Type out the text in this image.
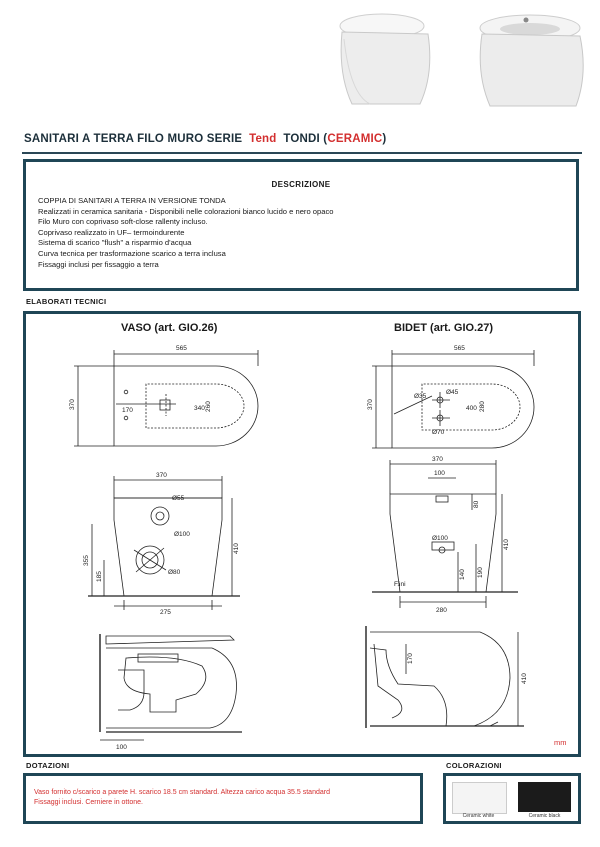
SANITARI A TERRA FILO MURO SERIE Tend TONDI (CERAMIC)
DESCRIZIONE
COPPIA DI SANITARI A TERRA IN VERSIONE TONDA
Realizzati in ceramica sanitaria - Disponibili nelle colorazioni bianco lucido e nero opaco
Filo Muro con coprivaso soft-close rallenty incluso.
Coprivaso realizzato in UF– termoindurente
Sistema di scarico "flush" a risparmio d'acqua
Curva tecnica per trasformazione scarico a terra inclusa
Fissaggi inclusi per fissaggio a terra
ELABORATI TECNICI
VASO (art. GIO.26)	BIDET (art. GIO.27)
mm
565
370
170	340 260
370
Ø55
Ø100
Ø80
410
355
185
275
100
565
370
Ø35
Ø45
400 280
Ø70
370
100
80
Ø100
410
140 190
280
F.ini
170
410
DOTAZIONI
Vaso fornito c/scarico a parete H. scarico 18.5 cm standard. Altezza carico acqua 35.5 standard
Fissaggi inclusi. Cerniere in ottone.
COLORAZIONI
Ceramic white	Ceramic black
